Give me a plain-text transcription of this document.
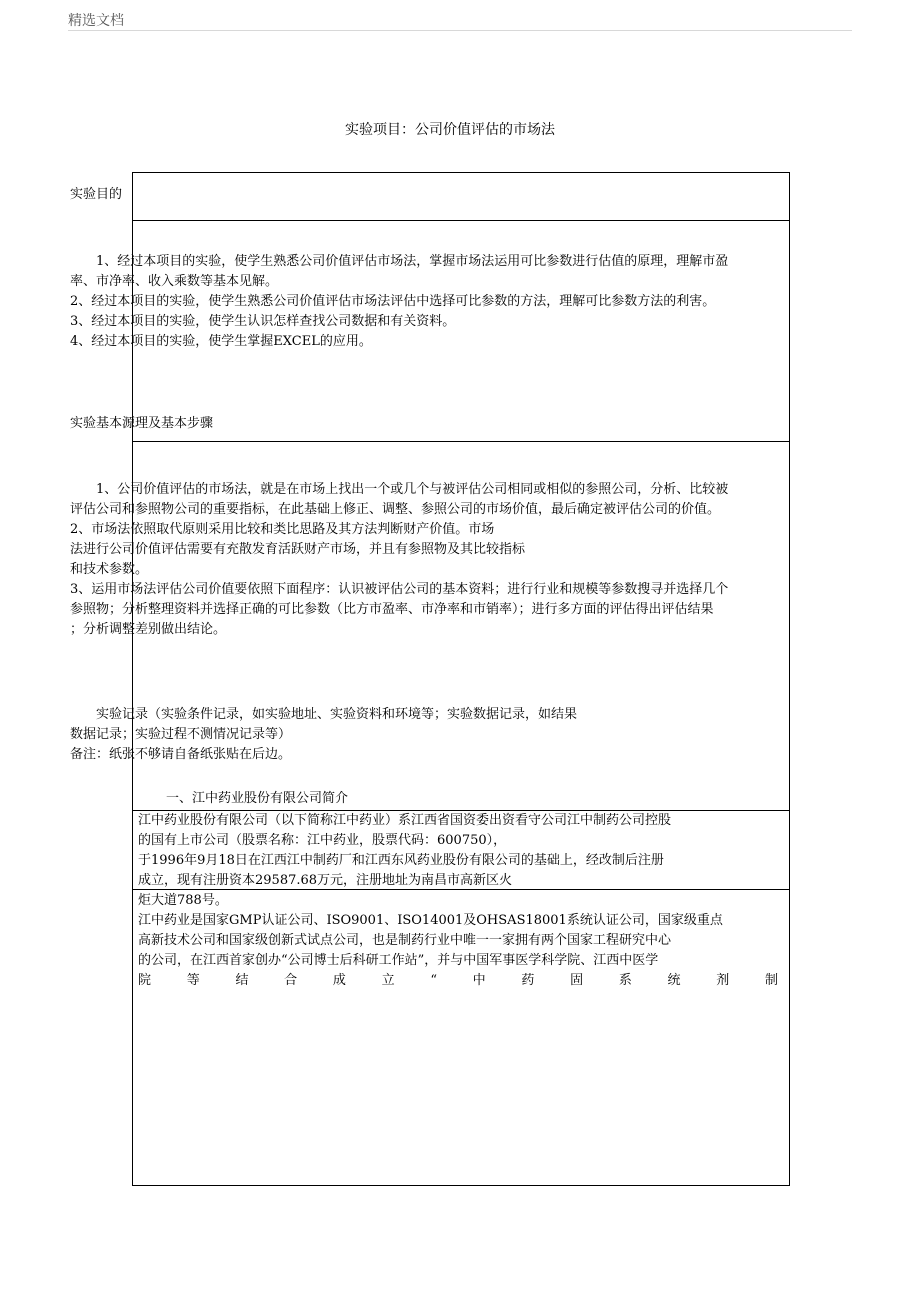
精选文档
实验项目：公司价值评估的市场法
实验目的
　　1、经过本项目的实验，使学生熟悉公司价值评估市场法，掌握市场法运用可比参数进行估值的原理，理解市盈
率、市净率、收入乘数等基本见解。
2、经过本项目的实验，使学生熟悉公司价值评估市场法评估中选择可比参数的方法，理解可比参数方法的利害。
3、经过本项目的实验，使学生认识怎样查找公司数据和有关资料。
4、经过本项目的实验，使学生掌握EXCEL的应用。
实验基本源理及基本步骤
　　1、公司价值评估的市场法，就是在市场上找出一个或几个与被评估公司相同或相似的参照公司，分析、比较被
评估公司和参照物公司的重要指标，在此基础上修正、调整、参照公司的市场价值，最后确定被评估公司的价值。
2、市场法依照取代原则采用比较和类比思路及其方法判断财产价值。市场
法进行公司价值评估需要有充散发育活跃财产市场，并且有参照物及其比较指标
和技术参数。
3、运用市场法评估公司价值要依照下面程序：认识被评估公司的基本资料；进行行业和规模等参数搜寻并选择几个
参照物；分析整理资料并选择正确的可比参数（比方市盈率、市净率和市销率）；进行多方面的评估得出评估结果
；分析调整差别做出结论。
　　实验记录（实验条件记录，如实验地址、实验资料和环境等；实验数据记录，如结果
数据记录；实验过程不测情况记录等）
备注：纸张不够请自备纸张贴在后边。
　　一、江中药业股份有限公司简介
江中药业股份有限公司（以下简称江中药业）系江西省国资委出资看守公司江中制药公司控股
的国有上市公司（股票名称：江中药业，股票代码：600750），
于1996年9月18日在江西江中制药厂和江西东风药业股份有限公司的基础上，经改制后注册
成立，现有注册资本29587.68万元，注册地址为南昌市高新区火
炬大道788号。
江中药业是国家GMP认证公司、ISO9001、ISO14001及OHSAS18001系统认证公司，国家级重点
高新技术公司和国家级创新式试点公司，也是制药行业中唯一一家拥有两个国家工程研究中心
的公司，在江西首家创办“公司博士后科研工作站”，并与中国军事医学科学院、江西中医学
院	等	结	合	成	立	“	中	药	固	系	统	剂	制
